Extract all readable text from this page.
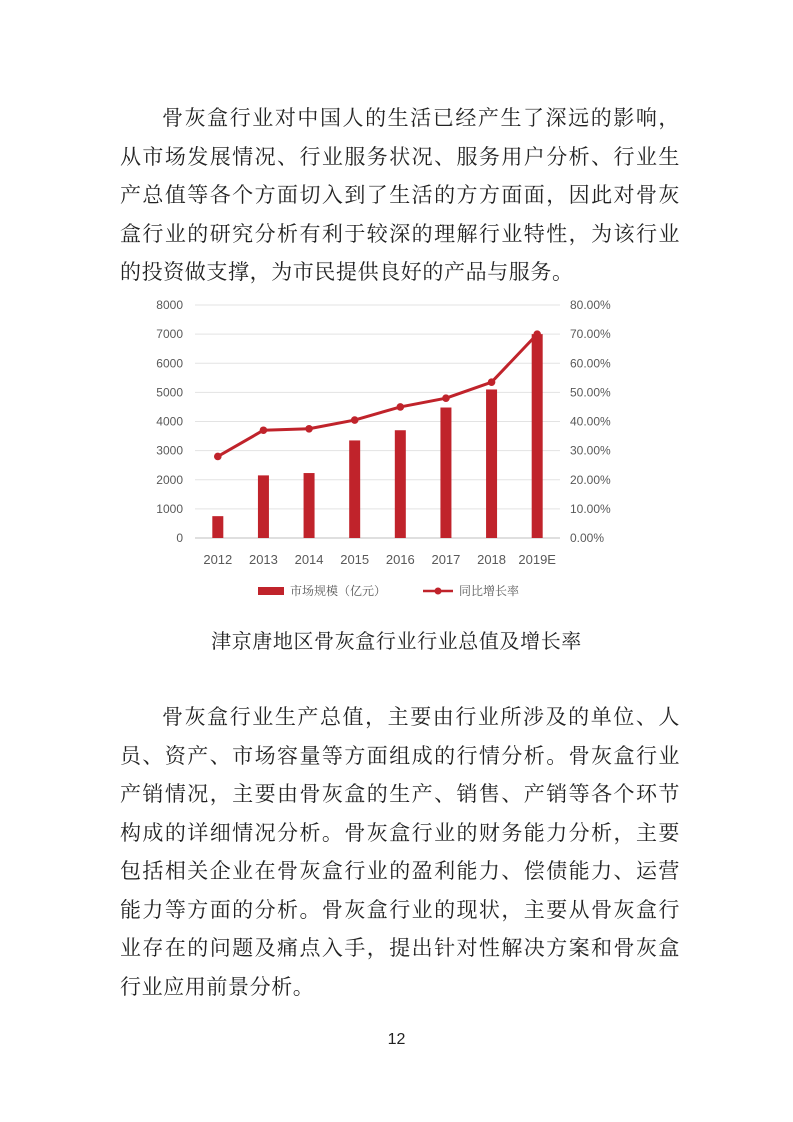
骨灰盒行业对中国人的生活已经产生了深远的影响，从市场发展情况、行业服务状况、服务用户分析、行业生产总值等各个方面切入到了生活的方方面面，因此对骨灰盒行业的研究分析有利于较深的理解行业特性，为该行业的投资做支撑，为市民提供良好的产品与服务。

0	0.00%
1000	10.00%
2000	20.00%
3000	30.00%
4000	40.00%
5000	50.00%
6000	60.00%
7000	70.00%
8000	80.00%
2012 2013 2014 2015 2016 2017 2018 2019E
市场规模（亿元）	同比增长率
津京唐地区骨灰盒行业行业总值及增长率

骨灰盒行业生产总值，主要由行业所涉及的单位、人员、资产、市场容量等方面组成的行情分析。骨灰盒行业产销情况，主要由骨灰盒的生产、销售、产销等各个环节构成的详细情况分析。骨灰盒行业的财务能力分析，主要包括相关企业在骨灰盒行业的盈利能力、偿债能力、运营能力等方面的分析。骨灰盒行业的现状，主要从骨灰盒行业存在的问题及痛点入手，提出针对性解决方案和骨灰盒行业应用前景分析。

12
